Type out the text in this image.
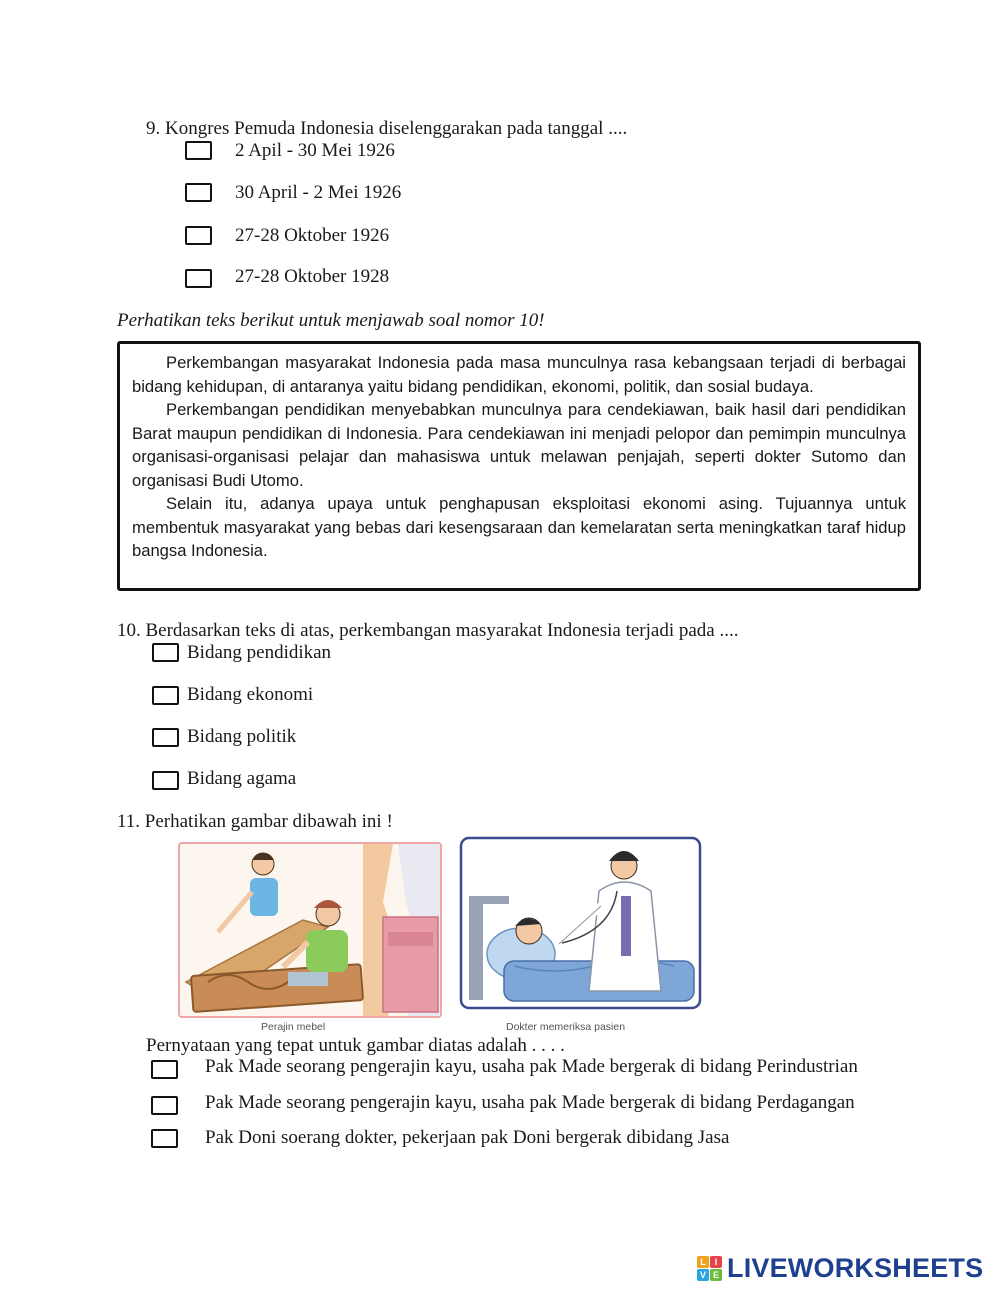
9. Kongres Pemuda Indonesia diselenggarakan pada tanggal ....
2 Apil - 30 Mei 1926
30 April - 2 Mei 1926
27-28 Oktober 1926
27-28 Oktober 1928
Perhatikan teks berikut untuk menjawab soal nomor 10!

Perkembangan masyarakat Indonesia pada masa munculnya rasa kebangsaan terjadi di berbagai bidang kehidupan, di antaranya yaitu bidang pendidikan, ekonomi, politik, dan sosial budaya.

Perkembangan pendidikan menyebabkan munculnya para cendekiawan, baik hasil dari pendidikan Barat maupun pendidikan di Indonesia. Para cendekiawan ini menjadi pelopor dan pemimpin munculnya organisasi-organisasi pelajar dan mahasiswa untuk melawan penjajah, seperti dokter Sutomo dan organisasi Budi Utomo.

Selain itu, adanya upaya untuk penghapusan eksploitasi ekonomi asing. Tujuannya untuk membentuk masyarakat yang bebas dari kesengsaraan dan kemelaratan serta meningkatkan taraf hidup bangsa Indonesia.

10. Berdasarkan teks di atas, perkembangan masyarakat Indonesia terjadi pada ....
Bidang pendidikan
Bidang ekonomi
Bidang politik
Bidang agama
11. Perhatikan gambar dibawah ini !
Perajin mebel	Dokter memeriksa pasien
Pernyataan yang tepat untuk gambar diatas adalah . . . .
Pak Made seorang pengerajin kayu, usaha pak Made bergerak di bidang Perindustrian
Pak Made seorang pengerajin kayu, usaha pak Made bergerak di bidang Perdagangan
Pak Doni soerang dokter, pekerjaan pak Doni bergerak dibidang Jasa
L I
V E LIVEWORKSHEETS
